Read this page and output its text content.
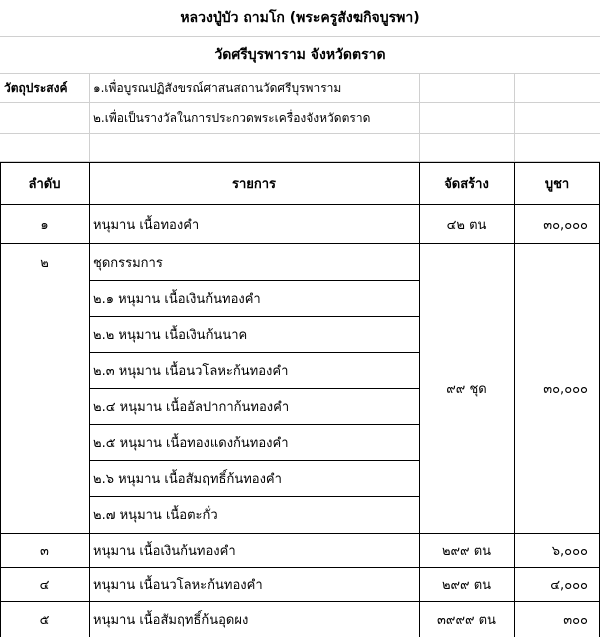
หลวงปู่บัว ถามโก (พระครูสังฆกิจบูรพา)
วัดศรีบุรพาราม จังหวัดตราด
วัตถุประสงค์	๑.เพื่อบูรณปฏิสังขรณ์ศาสนสถานวัดศรีบุรพาราม
๒.เพื่อเป็นรางวัลในการประกวดพระเครื่องจังหวัดตราด
ลำดับ	รายการ	จัดสร้าง	บูชา
๑	หนุมาน เนื้อทองคำ	๔๒ ตน	๓๐,๐๐๐
๒	ชุดกรรมการ
๒.๑ หนุมาน เนื้อเงินก้นทองคำ
๒.๒ หนุมาน เนื้อเงินก้นนาค
๒.๓ หนุมาน เนื้อนวโลหะก้นทองคำ
๒.๔ หนุมาน เนื้ออัลปากาก้นทองคำ
๒.๕ หนุมาน เนื้อทองแดงก้นทองคำ
๒.๖ หนุมาน เนื้อสัมฤทธิ์ก้นทองคำ
๒.๗ หนุมาน เนื้อตะกั่ว
๙๙ ชุด	๓๐,๐๐๐
๓	หนุมาน เนื้อเงินก้นทองคำ	๒๙๙ ตน	๖,๐๐๐
๔	หนุมาน เนื้อนวโลหะก้นทองคำ	๒๙๙ ตน	๔,๐๐๐
๕	หนุมาน เนื้อสัมฤทธิ์ก้นอุดผง	๓๙๙๙ ตน	๓๐๐
